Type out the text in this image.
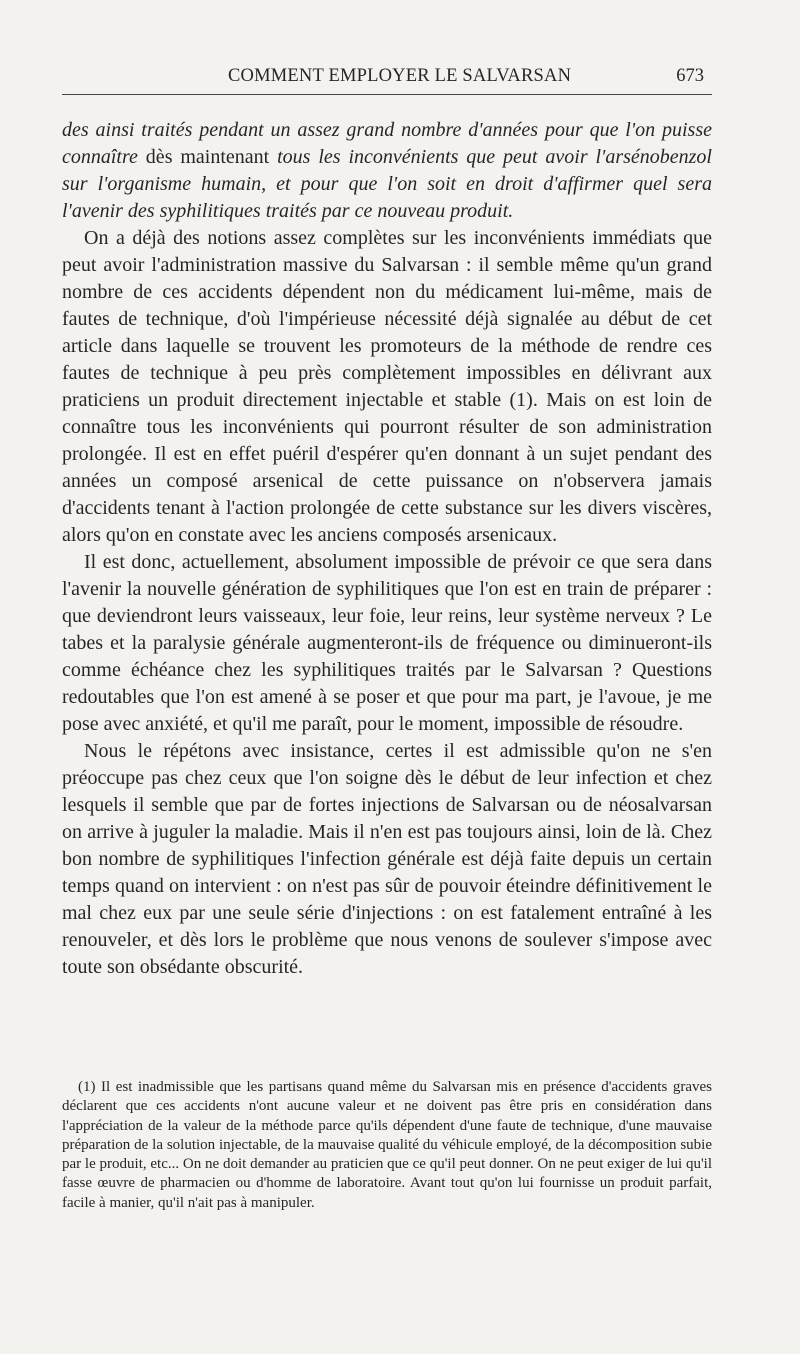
COMMENT EMPLOYER LE SALVARSAN	673

des ainsi traités pendant un assez grand nombre d'années pour que l'on puisse connaître dès maintenant tous les inconvénients que peut avoir l'arsénobenzol sur l'organisme humain, et pour que l'on soit en droit d'affirmer quel sera l'avenir des syphilitiques traités par ce nouveau produit.

On a déjà des notions assez complètes sur les inconvénients immédiats que peut avoir l'administration massive du Salvarsan : il semble même qu'un grand nombre de ces accidents dépendent non du médicament lui-même, mais de fautes de technique, d'où l'impérieuse nécessité déjà signalée au début de cet article dans laquelle se trouvent les promoteurs de la méthode de rendre ces fautes de technique à peu près complètement impossibles en délivrant aux praticiens un produit directement injectable et stable (1). Mais on est loin de connaître tous les inconvénients qui pourront résulter de son administration prolongée. Il est en effet puéril d'espérer qu'en donnant à un sujet pendant des années un composé arsenical de cette puissance on n'observera jamais d'accidents tenant à l'action prolongée de cette substance sur les divers viscères, alors qu'on en constate avec les anciens composés arsenicaux.

Il est donc, actuellement, absolument impossible de prévoir ce que sera dans l'avenir la nouvelle génération de syphilitiques que l'on est en train de préparer : que deviendront leurs vaisseaux, leur foie, leur reins, leur système nerveux ? Le tabes et la paralysie générale augmenteront-ils de fréquence ou diminueront-ils comme échéance chez les syphilitiques traités par le Salvarsan ? Questions redoutables que l'on est amené à se poser et que pour ma part, je l'avoue, je me pose avec anxiété, et qu'il me paraît, pour le moment, impossible de résoudre.

Nous le répétons avec insistance, certes il est admissible qu'on ne s'en préoccupe pas chez ceux que l'on soigne dès le début de leur infection et chez lesquels il semble que par de fortes injections de Salvarsan ou de néosalvarsan on arrive à juguler la maladie. Mais il n'en est pas toujours ainsi, loin de là. Chez bon nombre de syphilitiques l'infection générale est déjà faite depuis un certain temps quand on intervient : on n'est pas sûr de pouvoir éteindre définitivement le mal chez eux par une seule série d'injections : on est fatalement entraîné à les renouveler, et dès lors le problème que nous venons de soulever s'impose avec toute son obsédante obscurité.

(1) Il est inadmissible que les partisans quand même du Salvarsan mis en présence d'accidents graves déclarent que ces accidents n'ont aucune valeur et ne doivent pas être pris en considération dans l'appréciation de la valeur de la méthode parce qu'ils dépendent d'une faute de technique, d'une mauvaise préparation de la solution injectable, de la mauvaise qualité du véhicule employé, de la décomposition subie par le produit, etc... On ne doit demander au praticien que ce qu'il peut donner. On ne peut exiger de lui qu'il fasse œuvre de pharmacien ou d'homme de laboratoire. Avant tout qu'on lui fournisse un produit parfait, facile à manier, qu'il n'ait pas à manipuler.
